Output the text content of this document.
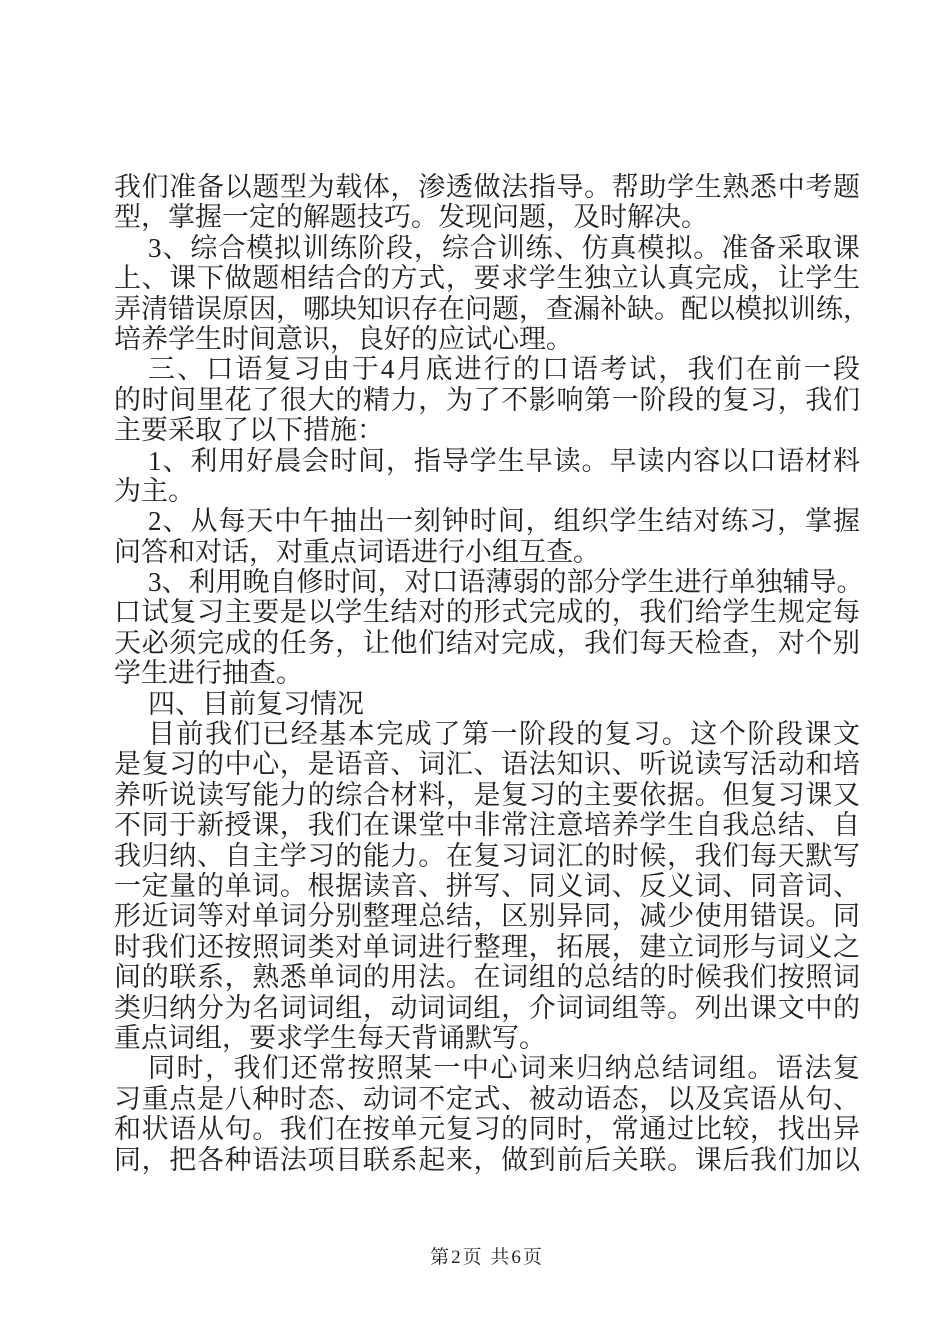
我们准备以题型为载体，渗透做法指导。帮助学生熟悉中考题
型，掌握一定的解题技巧。发现问题，及时解决。
3、综合模拟训练阶段，综合训练、仿真模拟。准备采取课
上、课下做题相结合的方式，要求学生独立认真完成，让学生
弄清错误原因，哪块知识存在问题，查漏补缺。配以模拟训练，
培养学生时间意识，良好的应试心理。
三、口语复习由于4月底进行的口语考试，我们在前一段
的时间里花了很大的精力，为了不影响第一阶段的复习，我们
主要采取了以下措施：
1、利用好晨会时间，指导学生早读。早读内容以口语材料
为主。
2、从每天中午抽出一刻钟时间，组织学生结对练习，掌握
问答和对话，对重点词语进行小组互查。
3、利用晚自修时间，对口语薄弱的部分学生进行单独辅导。
口试复习主要是以学生结对的形式完成的，我们给学生规定每
天必须完成的任务，让他们结对完成，我们每天检查，对个别
学生进行抽查。
四、目前复习情况
目前我们已经基本完成了第一阶段的复习。这个阶段课文
是复习的中心，是语音、词汇、语法知识、听说读写活动和培
养听说读写能力的综合材料，是复习的主要依据。但复习课又
不同于新授课，我们在课堂中非常注意培养学生自我总结、自
我归纳、自主学习的能力。在复习词汇的时候，我们每天默写
一定量的单词。根据读音、拼写、同义词、反义词、同音词、
形近词等对单词分别整理总结，区别异同，减少使用错误。同
时我们还按照词类对单词进行整理，拓展，建立词形与词义之
间的联系，熟悉单词的用法。在词组的总结的时候我们按照词
类归纳分为名词词组，动词词组，介词词组等。列出课文中的
重点词组，要求学生每天背诵默写。
同时，我们还常按照某一中心词来归纳总结词组。语法复
习重点是八种时态、动词不定式、被动语态，以及宾语从句、
和状语从句。我们在按单元复习的同时，常通过比较，找出异
同，把各种语法项目联系起来，做到前后关联。课后我们加以
第2页 共6页
